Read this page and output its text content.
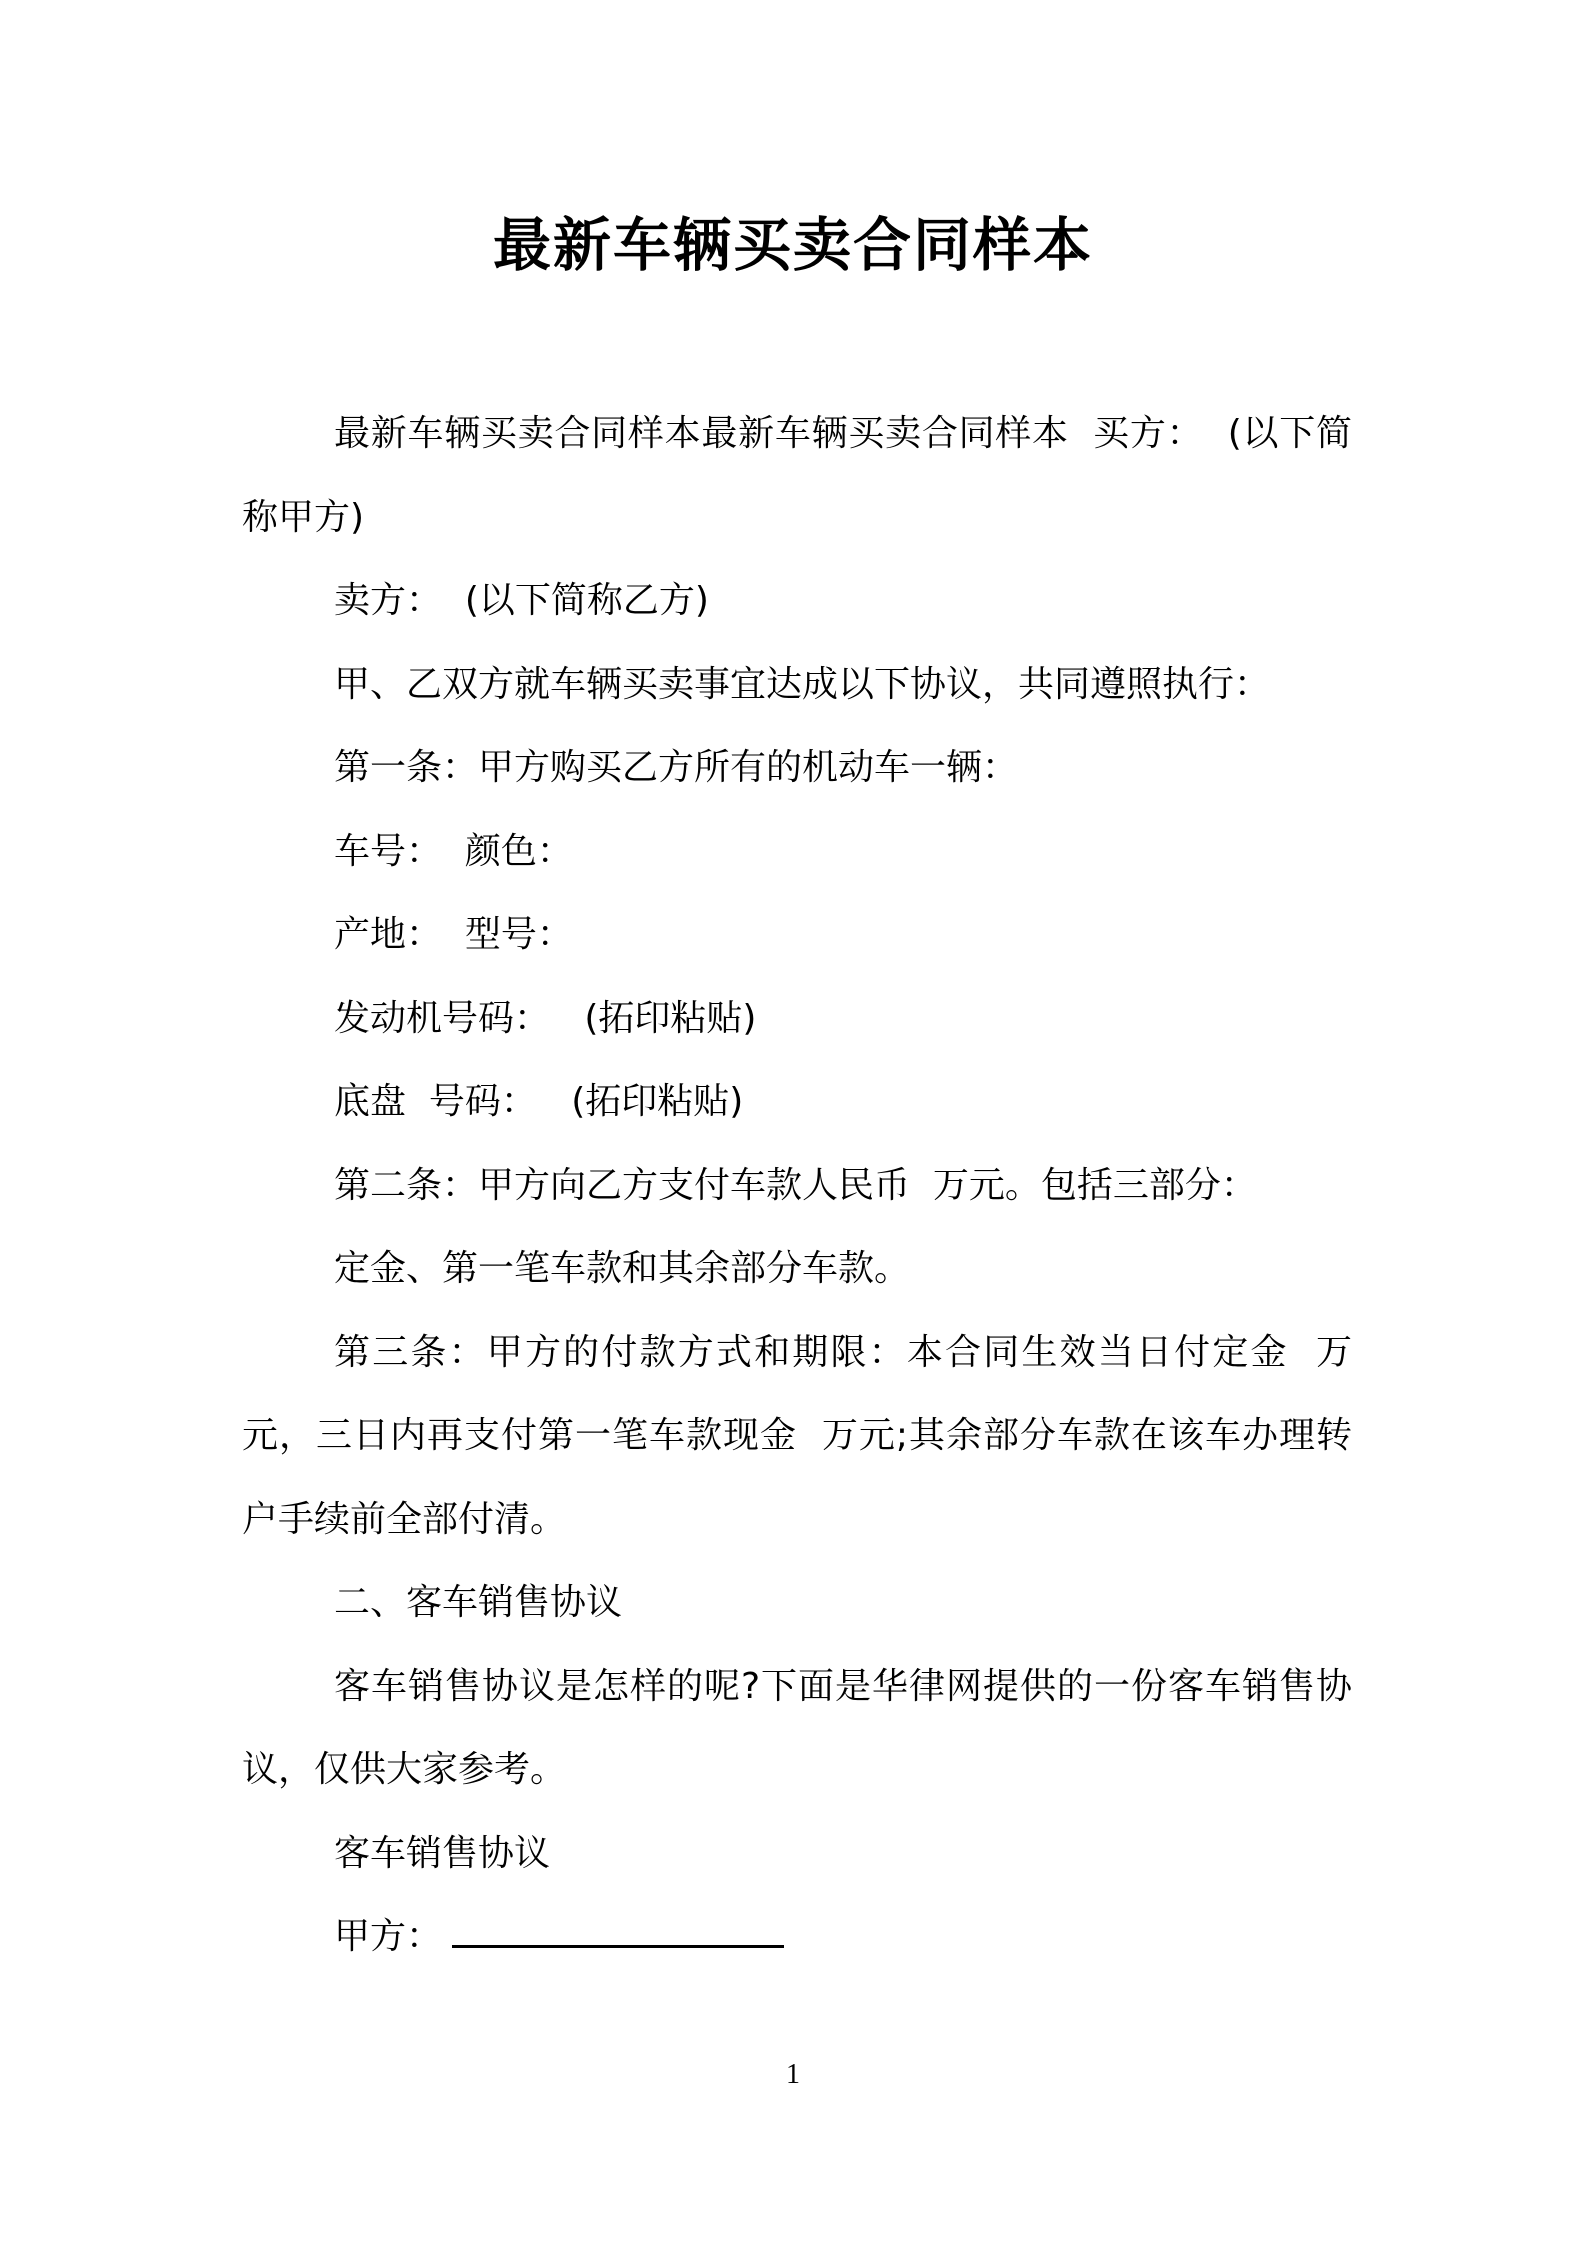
最新车辆买卖合同样本

最新车辆买卖合同样本最新车辆买卖合同样本  买方：  (以下简称甲方)

卖方：  (以下简称乙方)

甲、乙双方就车辆买卖事宜达成以下协议，共同遵照执行：

第一条：甲方购买乙方所有的机动车一辆：

车号：  颜色：

产地：  型号：

发动机号码：   (拓印粘贴)

底盘  号码：   (拓印粘贴)

第二条：甲方向乙方支付车款人民币  万元。包括三部分：

定金、第一笔车款和其余部分车款。

第三条：甲方的付款方式和期限：本合同生效当日付定金  万元，三日内再支付第一笔车款现金  万元;其余部分车款在该车办理转户手续前全部付清。

二、客车销售协议

客车销售协议是怎样的呢?下面是华律网提供的一份客车销售协议，仅供大家参考。

客车销售协议

甲方：

1
